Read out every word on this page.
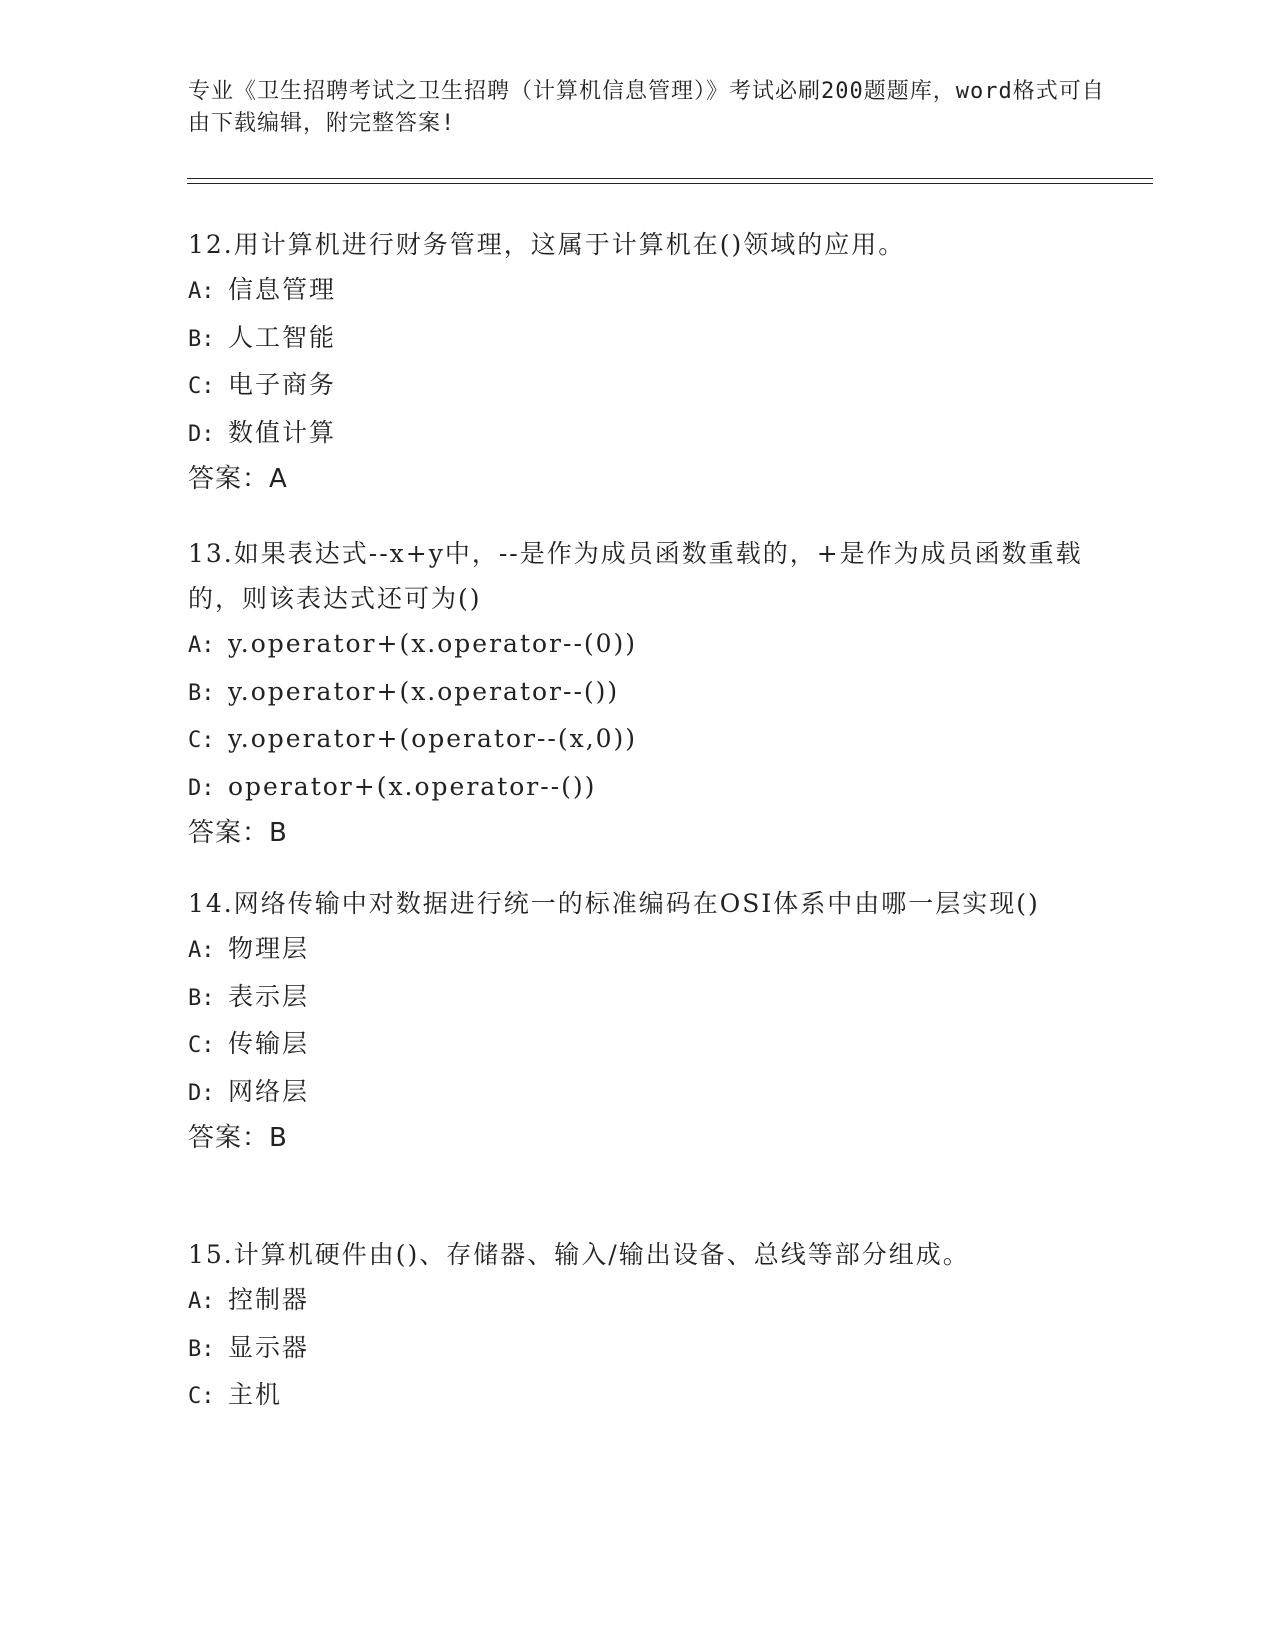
专业《卫生招聘考试之卫生招聘（计算机信息管理）》考试必刷200题题库，word格式可自由下载编辑，附完整答案!
12.用计算机进行财务管理，这属于计算机在()领域的应用。
A: 信息管理
B: 人工智能
C: 电子商务
D: 数值计算
答案：A
13.如果表达式--x+y中，--是作为成员函数重载的，+是作为成员函数重载的，则该表达式还可为()
A: y.operator+(x.operator--(0))
B: y.operator+(x.operator--())
C: y.operator+(operator--(x,0))
D: operator+(x.operator--())
答案：B
14.网络传输中对数据进行统一的标准编码在OSI体系中由哪一层实现()
A: 物理层
B: 表示层
C: 传输层
D: 网络层
答案：B
15.计算机硬件由()、存储器、输入/输出设备、总线等部分组成。
A: 控制器
B: 显示器
C: 主机
